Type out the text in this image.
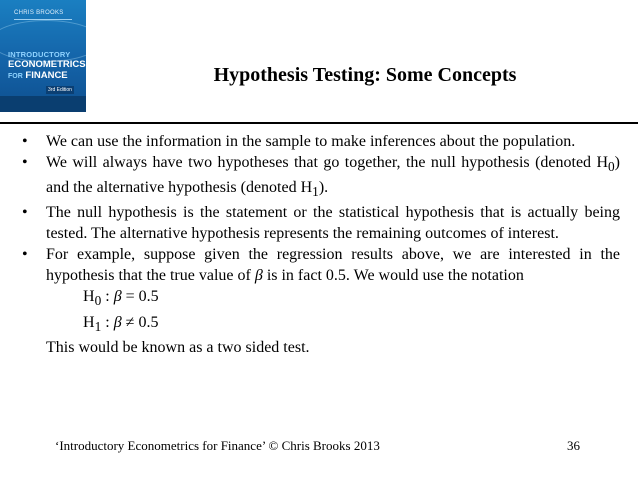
CHRIS BROOKS
INTRODUCTORY
ECONOMETRICS
FOR FINANCE
3rd Edition
Hypothesis Testing: Some Concepts
• We can use the information in the sample to make inferences about the population.
• We will always have two hypotheses that go together, the null hypothesis (denoted $H_0$) and the alternative hypothesis (denoted $H_1$).
• The null hypothesis is the statement or the statistical hypothesis that is actually being tested. The alternative hypothesis represents the remaining outcomes of interest.
• For example, suppose given the regression results above, we are interested in the hypothesis that the true value of β is in fact 0.5. We would use the notation
$H_0$ : β = 0.5
$H_1$ : β ≠ 0.5
This would be known as a two sided test.
‘Introductory Econometrics for Finance’ © Chris Brooks 2013	36
